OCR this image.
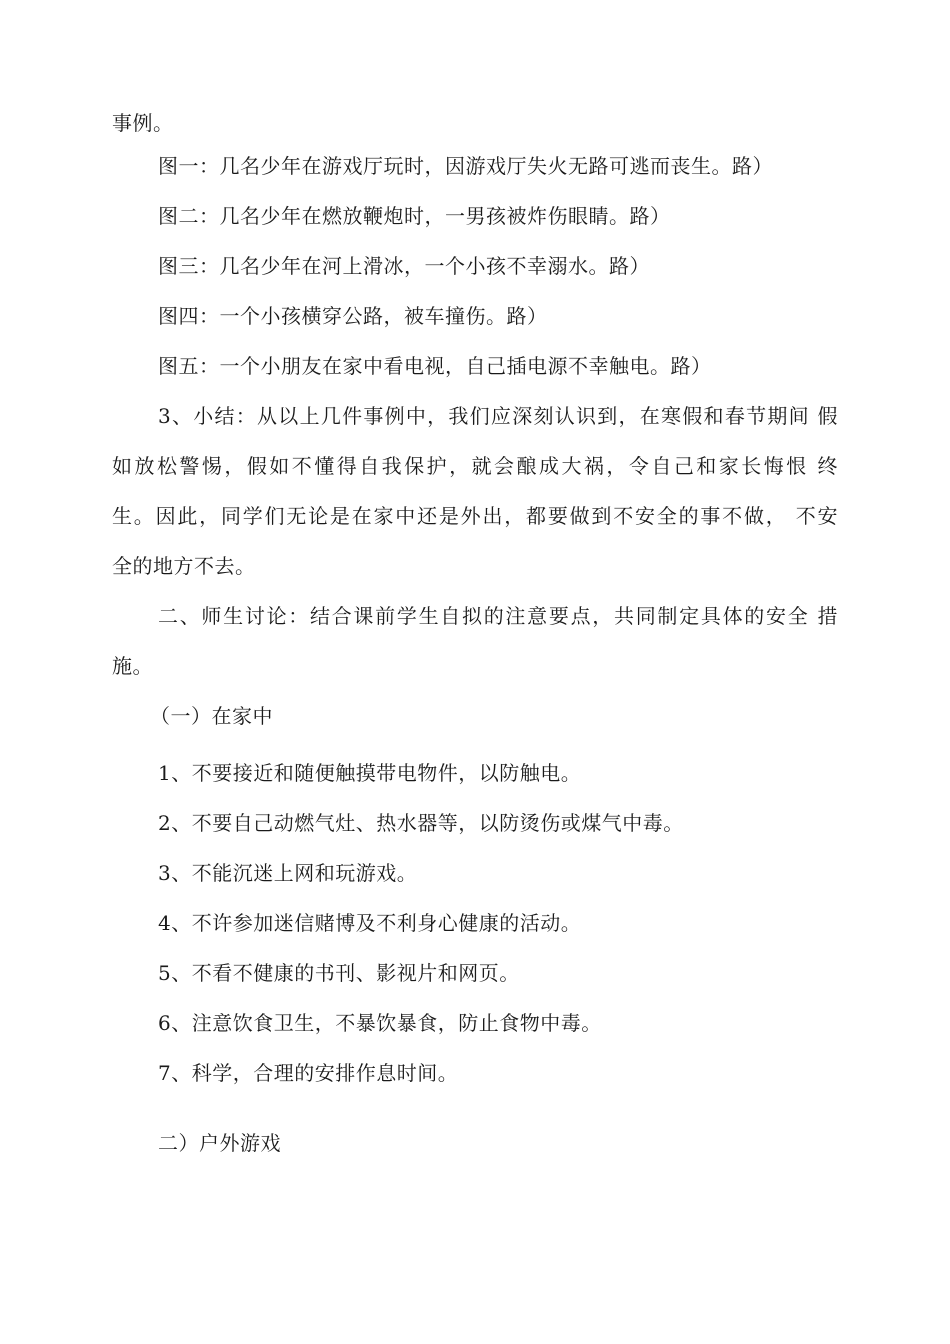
事例。
图一：几名少年在游戏厅玩时，因游戏厅失火无路可逃而丧生。路）
图二：几名少年在燃放鞭炮时，一男孩被炸伤眼睛。路）
图三：几名少年在河上滑冰，一个小孩不幸溺水。路）
图四：一个小孩横穿公路，被车撞伤。路）
图五：一个小朋友在家中看电视，自己插电源不幸触电。路）
3、小结：从以上几件事例中，我们应深刻认识到，在寒假和春节期间 假
如放松警惕，假如不懂得自我保护，就会酿成大祸，令自己和家长悔恨 终
生。因此，同学们无论是在家中还是外出，都要做到不安全的事不做， 不安
全的地方不去。
二、师生讨论：结合课前学生自拟的注意要点，共同制定具体的安全 措
施。
（一）在家中
1、不要接近和随便触摸带电物件，以防触电。
2、不要自己动燃气灶、热水器等，以防烫伤或煤气中毒。
3、不能沉迷上网和玩游戏。
4、不许参加迷信赌博及不利身心健康的活动。
5、不看不健康的书刊、影视片和网页。
6、注意饮食卫生，不暴饮暴食，防止食物中毒。
7、科学，合理的安排作息时间。
二）户外游戏
